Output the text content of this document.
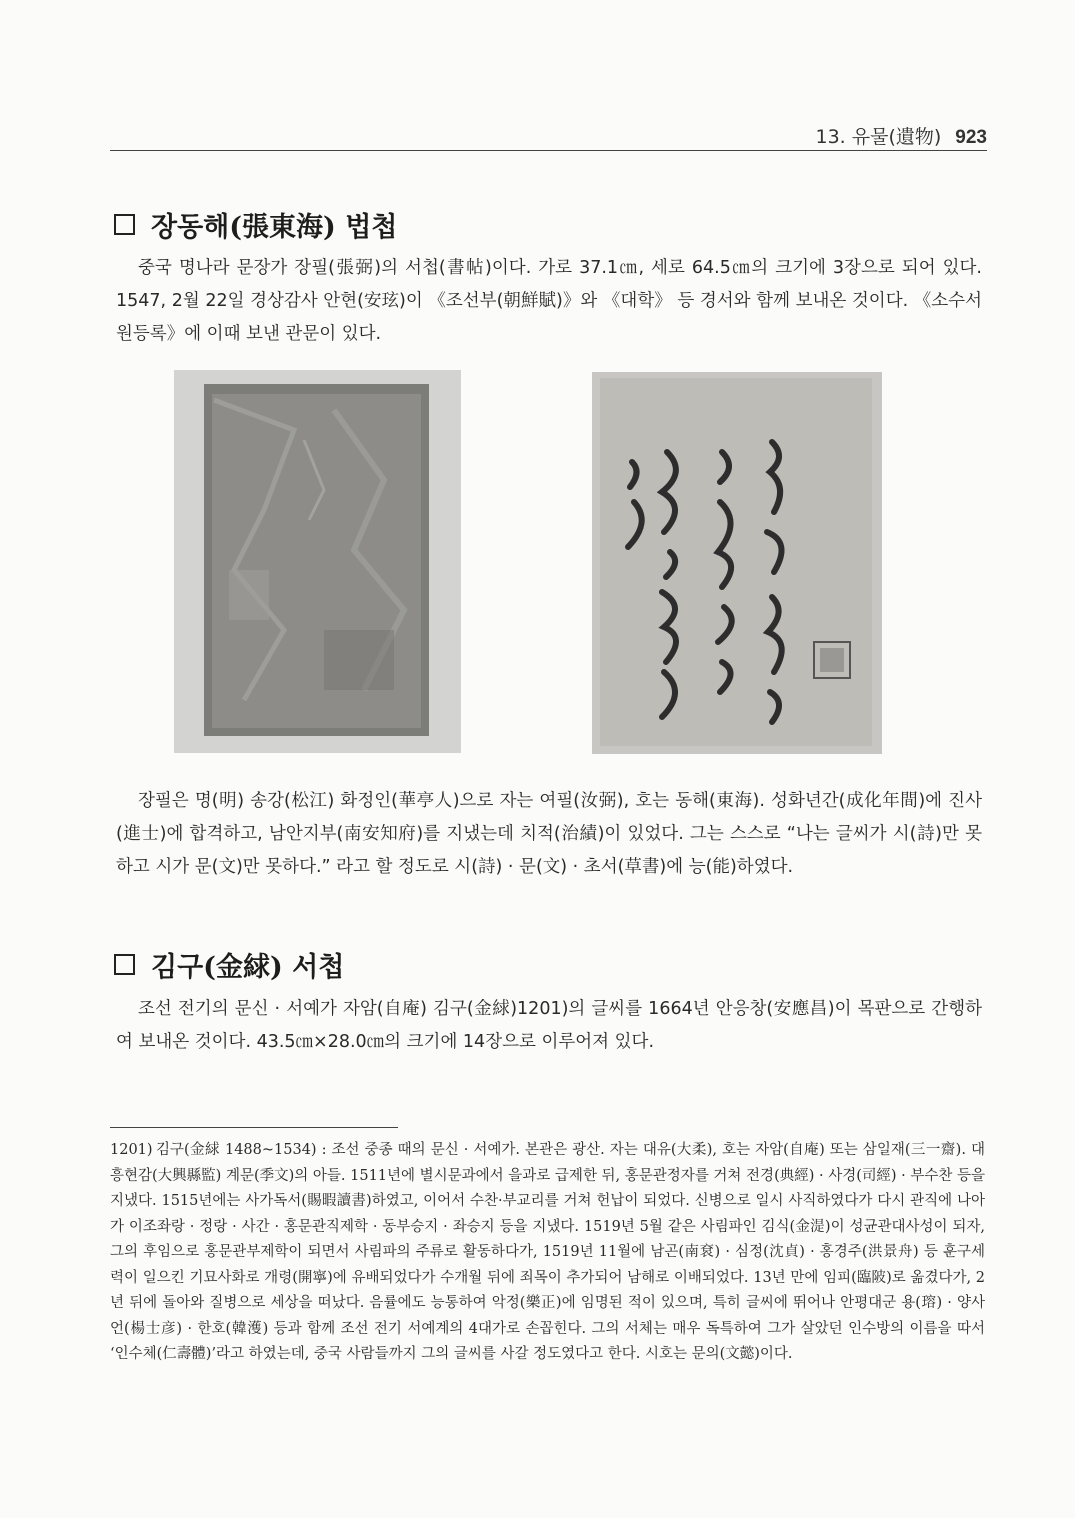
13. 유물(遺物) 923
장동해(張東海) 법첩

중국 명나라 문장가 장필(張弼)의 서첩(書帖)이다. 가로 37.1㎝, 세로 64.5㎝의 크기에 3장으로 되어 있다. 1547, 2월 22일 경상감사 안현(安玹)이 《조선부(朝鮮賦)》와 《대학》 등 경서와 함께 보내온 것이다. 《소수서원등록》에 이때 보낸 관문이 있다.

장필은 명(明) 송강(松江) 화정인(華亭人)으로 자는 여필(汝弼), 호는 동해(東海). 성화년간(成化年間)에 진사(進士)에 합격하고, 남안지부(南安知府)를 지냈는데 치적(治績)이 있었다. 그는 스스로 “나는 글씨가 시(詩)만 못하고 시가 문(文)만 못하다.” 라고 할 정도로 시(詩) · 문(文) · 초서(草書)에 능(能)하였다.

김구(金絿) 서첩

조선 전기의 문신 · 서예가 자암(自庵) 김구(金絿)1201)의 글씨를 1664년 안응창(安應昌)이 목판으로 간행하여 보내온 것이다. 43.5㎝×28.0㎝의 크기에 14장으로 이루어져 있다.

1201) 김구(金絿 1488~1534) : 조선 중종 때의 문신 · 서예가. 본관은 광산. 자는 대유(大柔), 호는 자암(自庵) 또는 삼일재(三一齋). 대흥현감(大興縣監) 계문(季文)의 아들. 1511년에 별시문과에서 을과로 급제한 뒤, 홍문관정자를 거쳐 전경(典經) · 사경(司經) · 부수찬 등을 지냈다. 1515년에는 사가독서(賜暇讀書)하였고, 이어서 수찬·부교리를 거쳐 헌납이 되었다. 신병으로 일시 사직하였다가 다시 관직에 나아가 이조좌랑 · 정랑 · 사간 · 홍문관직제학 · 동부승지 · 좌승지 등을 지냈다. 1519년 5월 같은 사림파인 김식(金湜)이 성균관대사성이 되자, 그의 후임으로 홍문관부제학이 되면서 사림파의 주류로 활동하다가, 1519년 11월에 남곤(南袞) · 심정(沈貞) · 홍경주(洪景舟) 등 훈구세력이 일으킨 기묘사화로 개령(開寧)에 유배되었다가 수개월 뒤에 죄목이 추가되어 남해로 이배되었다. 13년 만에 임피(臨陂)로 옮겼다가, 2년 뒤에 돌아와 질병으로 세상을 떠났다. 음률에도 능통하여 악정(樂正)에 임명된 적이 있으며, 특히 글씨에 뛰어나 안평대군 용(瑢) · 양사언(楊士彦) · 한호(韓濩) 등과 함께 조선 전기 서예계의 4대가로 손꼽힌다. 그의 서체는 매우 독특하여 그가 살았던 인수방의 이름을 따서 ‘인수체(仁壽體)’라고 하였는데, 중국 사람들까지 그의 글씨를 사갈 정도였다고 한다. 시호는 문의(文懿)이다.
